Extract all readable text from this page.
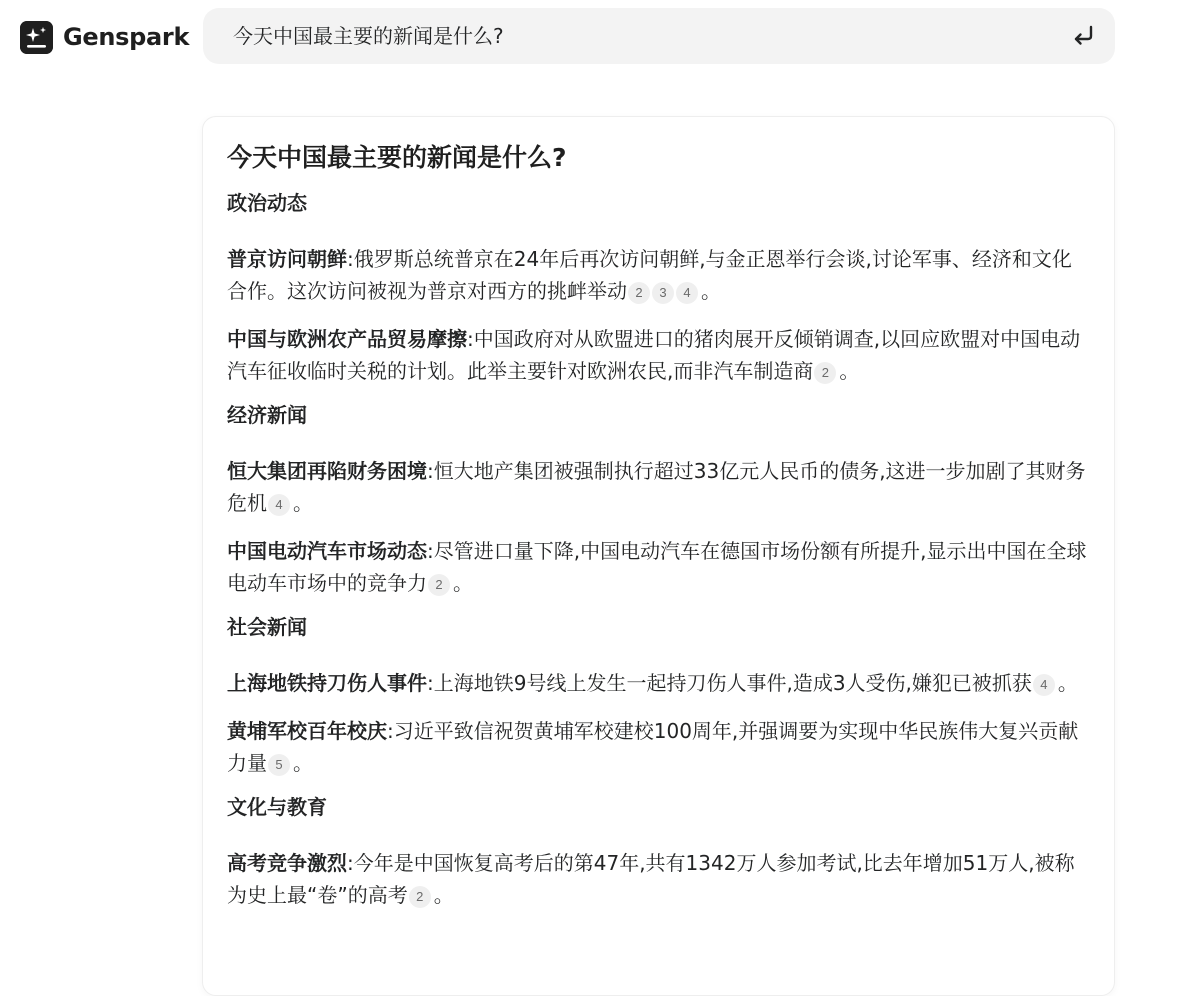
Genspark 今天中国最主要的新闻是什么?
今天中国最主要的新闻是什么?
政治动态

普京访问朝鲜:俄罗斯总统普京在24年后再次访问朝鲜,与金正恩举行会谈,讨论军事、经济和文化合作。这次访问被视为普京对西方的挑衅举动 2 3 4 。

中国与欧洲农产品贸易摩擦:中国政府对从欧盟进口的猪肉展开反倾销调查,以回应欧盟对中国电动汽车征收临时关税的计划。此举主要针对欧洲农民,而非汽车制造商 2 。

经济新闻

恒大集团再陷财务困境:恒大地产集团被强制执行超过33亿元人民币的债务,这进一步加剧了其财务危机 4 。

中国电动汽车市场动态:尽管进口量下降,中国电动汽车在德国市场份额有所提升,显示出中国在全球电动车市场中的竞争力 2 。

社会新闻

上海地铁持刀伤人事件:上海地铁9号线上发生一起持刀伤人事件,造成3人受伤,嫌犯已被抓获 4 。

黄埔军校百年校庆:习近平致信祝贺黄埔军校建校100周年,并强调要为实现中华民族伟大复兴贡献力量 5 。

文化与教育

高考竞争激烈:今年是中国恢复高考后的第47年,共有1342万人参加考试,比去年增加51万人,被称为史上最“卷”的高考 2 。
